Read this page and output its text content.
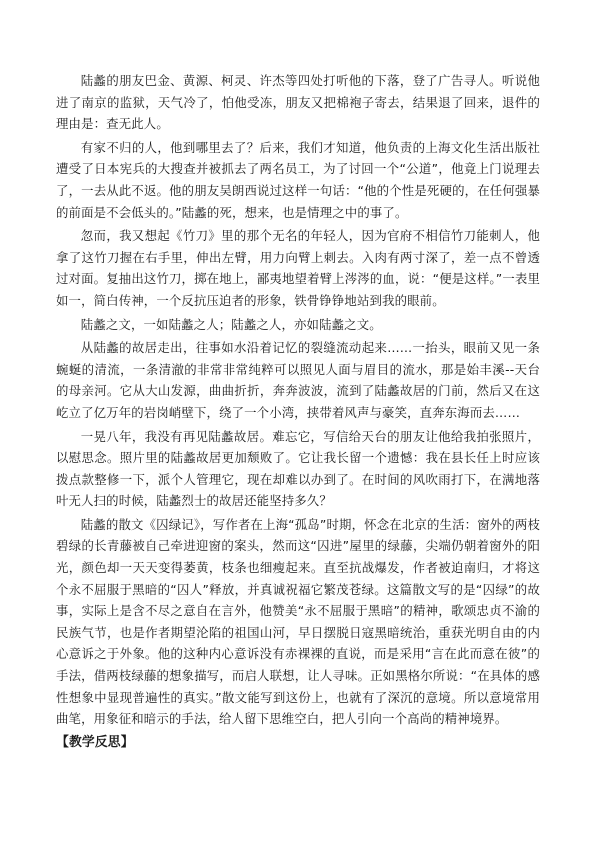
陆蠡的朋友巴金、黄源、柯灵、许杰等四处打听他的下落，登了广告寻人。听说他进了南京的监狱，天气冷了，怕他受冻，朋友又把棉袍子寄去，结果退了回来，退件的理由是：查无此人。

有家不归的人，他到哪里去了？后来，我们才知道，他负责的上海文化生活出版社遭受了日本宪兵的大搜查并被抓去了两名员工，为了讨回一个“公道”，他竟上门说理去了，一去从此不返。他的朋友吴朗西说过这样一句话：“他的个性是死硬的，在任何强暴的前面是不会低头的。”陆蠡的死，想来，也是情理之中的事了。

忽而，我又想起《竹刀》里的那个无名的年轻人，因为官府不相信竹刀能刺人，他拿了这竹刀握在右手里，伸出左臂，用力向臂上刺去。入肉有两寸深了，差一点不曾透过对面。复抽出这竹刀，掷在地上，鄙夷地望着臂上涔涔的血，说：“便是这样。”一表里如一，简白传神，一个反抗压迫者的形象，铁骨铮铮地站到我的眼前。

陆蠡之文，一如陆蠡之人；陆蠡之人，亦如陆蠡之文。

从陆蠡的故居走出，往事如水沿着记忆的裂缝流动起来……一抬头，眼前又见一条蜿蜒的清流，一条清澈的非常非常纯粹可以照见人面与眉目的流水，那是始丰溪--天台的母亲河。它从大山发源，曲曲折折，奔奔波波，流到了陆蠡故居的门前，然后又在这屹立了亿万年的岩岗峭壁下，绕了一个小湾，挟带着风声与豪笑，直奔东海而去……

一晃八年，我没有再见陆蠡故居。难忘它，写信给天台的朋友让他给我拍张照片，以慰思念。照片里的陆蠡故居更加颓败了。它让我长留一个遗憾：我在县长任上时应该拨点款整修一下，派个人管理它，现在却难以办到了。在时间的风吹雨打下，在满地落叶无人扫的时候，陆蠡烈士的故居还能坚持多久？

陆蠡的散文《囚绿记》，写作者在上海“孤岛”时期，怀念在北京的生活：窗外的两枝碧绿的长青藤被自己牵进迎窗的案头，然而这“囚进”屋里的绿藤，尖端仍朝着窗外的阳光，颜色却一天天变得萎黄，枝条也细瘦起来。直至抗战爆发，作者被迫南归，才将这个永不屈服于黑暗的“囚人”释放，并真诚祝福它繁茂苍绿。这篇散文写的是“囚绿”的故事，实际上是含不尽之意自在言外，他赞美“永不屈服于黑暗”的精神，歌颂忠贞不渝的民族气节，也是作者期望沦陷的祖国山河，早日摆脱日寇黑暗统治，重获光明自由的内心意诉之于外象。他的这种内心意诉没有赤裸裸的直说，而是采用“言在此而意在彼”的手法，借两枝绿藤的想象描写，而启人联想，让人寻味。正如黑格尔所说：“在具体的感性想象中显现普遍性的真实。”散文能写到这份上，也就有了深沉的意境。所以意境常用曲笔，用象征和暗示的手法，给人留下思维空白，把人引向一个高尚的精神境界。

【教学反思】
